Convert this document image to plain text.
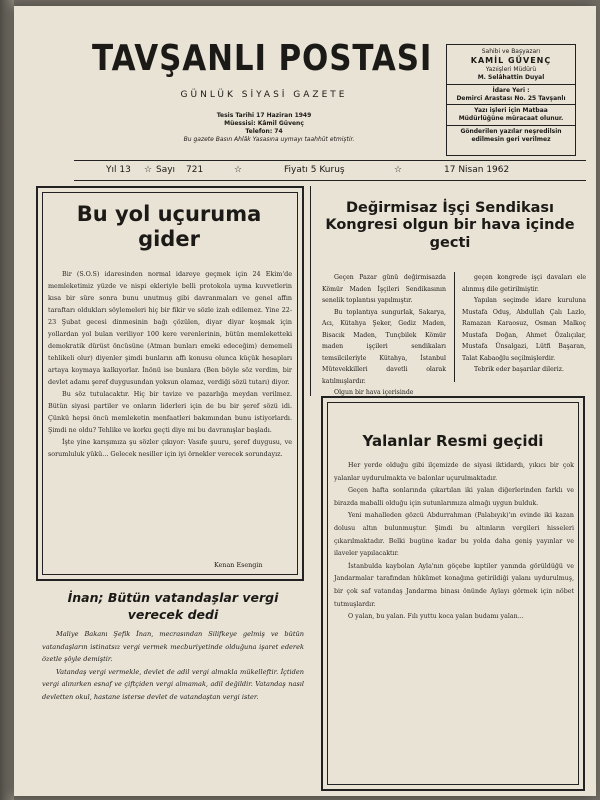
TAVŞANLI POSTASI
GÜNLÜK SİYASİ GAZETE
Tesis Tarihi 17 Haziran 1949
Müessisi: Kâmil Güvenç
Telefon: 74
Bu gazete Basın Ahlâk Yasasına uymayı taahhüt etmiştir.
Sahibi ve Başyazarı
KAMİL GÜVENÇ
Yazıişleri Müdürü
M. Selâhattin Duyal
İdare Yeri :
Demirci Arastası No. 25 Tavşanlı
Yazı işleri için Matbaa Müdürlüğüne müracaat olunur.
Gönderilen yazılar neşredilsin edilmesin geri verilmez
Yıl 13 ☆ Sayı 721	☆	Fiyatı 5 Kuruş	☆	17 Nisan 1962
Bu yol uçuruma gider

Bir (S.O.S) idaresinden normal idareye geçmek için 24 Ekim'de memleketimiz yüzde ve nispi ekleriyle belli protokola uyma kuvvetlerin kısa bir süre sonra bunu unutmuş gibi davranmaları ve genel affın taraftarı oldukları söylemeleri hiç bir fikir ve sözle izah edilemez. Yine 22-23 Şubat gecesi dinmesinin bağı çözülen, diyar diyar koşmak için yollardan yol bulan veriliyor 100 kere verenlerinin, bütün memleketteki demokratik dürüst öncüsüne (Atman bunları emeki edeceğim) dememeli tehlikeli olur) diyenler şimdi bunların affı konusu olunca küçük hesapları artaya koymaya kalkıyorlar. İnönü ise bunlara (Ben böyle söz verdim, bir devlet adamı şeref duygusundan yoksun olamaz, verdiği sözü tutarı) diyor.

Bu söz tutulacaktır. Hiç bir tavize ve pazarlığa meydan verilmez. Bütün siyasi partiler ve onların liderleri için de bu bir şeref sözü idi. Çünkü hepsi öncü memleketin menfaatleri bakımından bunu istiyorlardı. Şimdi ne oldu? Tehlike ve korku geçti diye mi bu davranışlar başladı.

İşte yine karışımıza şu sözler çıkıyor: Vasıfe şuuru, şeref duygusu, ve sorumluluk yükü... Gelecek nesiller için iyi örnekler verecek sorundayız.

Kenan Esengin
İnan; Bütün vatandaşlar vergi verecek dedi

Maliye Bakanı Şefik İnan, mecrasından Silifkeye gelmiş ve bütün vatandaşların istinatsız vergi vermek mecburiyetinde olduğuna işaret ederek özetle şöyle demiştir.

Vatandaş vergi vermekle, devlet de adil vergi almakla mükelleftir. İçtiden vergi alınırken esnaf ve çiftçiden vergi almamak, adil değildir. Vatandaş nasıl devletten okul, hastane isterse devlet de vatandaştan vergi ister.

Değirmisaz İşçi Sendikası Kongresi olgun bir hava içinde gecti

Geçen Pazar günü değirmisazda Kömür Maden İşçileri Sendikasının senelik toplantısı yapılmıştır.

Bu toplantıya sungurlak, Sakarya, Acı, Kütahya Şeker, Gediz Maden, Bisacık Maden, Tunçbilek Kömür maden işçileri sendikaları temsilcileriyle Kütahya, İstanbul Mütevekkilleri davetli olarak katılmışlardır.

Olgun bir hava içerisinde

geçen kongrede işçi davaları ele alınmış dile getirilmiştir.

Yapılan seçimde idare kuruluna Mustafa Oduş, Abdullah Çalı Lazlo, Ramazan Karaosuz, Osman Malkoç Mustafa Doğan, Ahmet Özalıçılar, Mustafa Ünsalgazi, Lütfi Başaran, Talat Kabaoğlu seçilmişlerdir.

Tebrik eder başarılar dileriz.

Yalanlar Resmi geçidi

Her yerde olduğu gibi ilçemizde de siyasi iktidardı, yıkıcı bir çok yalanlar uydurulmakta ve balonlar uçurulmaktadır.

Geçen hafta sonlarında çıkartılan iki yalan diğerlerinden farklı ve birazda maballi olduğu için sutunlarımıza almağı uygun bulduk.

Yeni mahalleden gözcü Abdurrahman (Palabıyık)'ın evinde iki kazan dolusu altın bulunmuştur. Şimdi bu altınların vergileri hisseleri çıkarılmaktadır. Belki bugüne kadar bu yolda daha geniş yayınlar ve ilaveler yapılacaktır.

İstanbulda kaybolan Ayla'nın göçebe kıptiler yanında görüldüğü ve Jandarmalar tarafından hükümet konağına getirildiği yalanı uydurulmuş, bir çok saf vatandaş Jandarma binası önünde Aylayı görmek için nöbet tutmuşlardır.

O yalan, bu yalan. Fılı yuttu koca yalan budamı yalan...
